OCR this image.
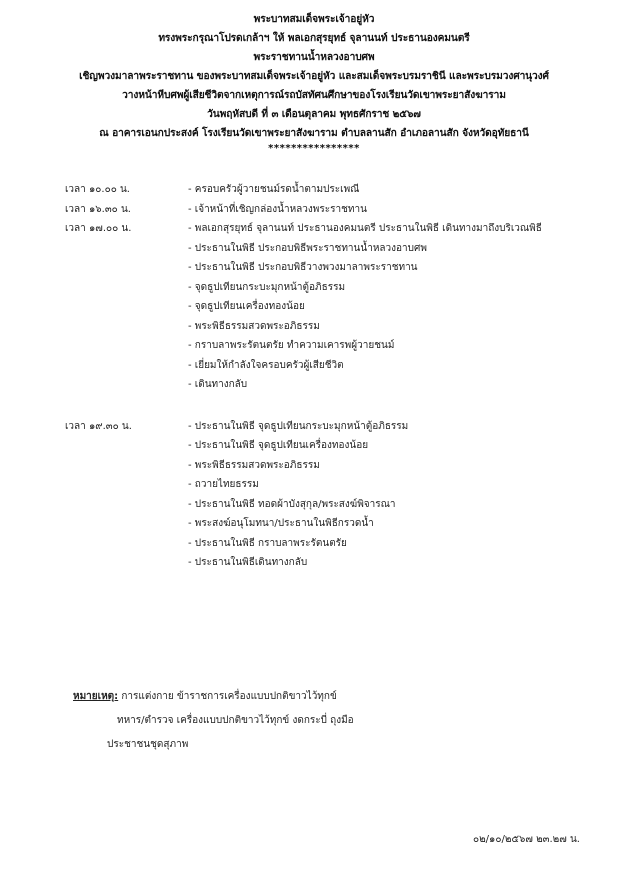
พระบาทสมเด็จพระเจ้าอยู่หัว
ทรงพระกรุณาโปรดเกล้าฯ ให้ พลเอกสุรยุทธ์ จุลานนท์ ประธานองคมนตรี
พระราชทานน้ำหลวงอาบศพ
เชิญพวงมาลาพระราชทาน ของพระบาทสมเด็จพระเจ้าอยู่หัว และสมเด็จพระบรมราชินี และพระบรมวงศานุวงศ์
วางหน้าหีบศพผู้เสียชีวิตจากเหตุการณ์รถบัสทัศนศึกษาของโรงเรียนวัดเขาพระยาสังฆาราม
วันพฤหัสบดี ที่ ๓ เดือนตุลาคม พุทธศักราช ๒๕๖๗
ณ อาคารเอนกประสงค์ โรงเรียนวัดเขาพระยาสังฆาราม ตำบลลานสัก อำเภอลานสัก จังหวัดอุทัยธานี
****************
เวลา ๑๐.๐๐ น.	- ครอบครัวผู้วายชนม์รดน้ำตามประเพณี
เวลา ๑๖.๓๐ น.	- เจ้าหน้าที่เชิญกล่องน้ำหลวงพระราชทาน
เวลา ๑๗.๐๐ น.	- พลเอกสุรยุทธ์ จุลานนท์ ประธานองคมนตรี ประธานในพิธี เดินทางมาถึงบริเวณพิธี
- ประธานในพิธี ประกอบพิธีพระราชทานน้ำหลวงอาบศพ
- ประธานในพิธี ประกอบพิธีวางพวงมาลาพระราชทาน
- จุดธูปเทียนกระบะมุกหน้าตู้อภิธรรม
- จุดธูปเทียนเครื่องทองน้อย
- พระพิธีธรรมสวดพระอภิธรรม
- กราบลาพระรัตนตรัย ทำความเคารพผู้วายชนม์
- เยี่ยมให้กำลังใจครอบครัวผู้เสียชีวิต
- เดินทางกลับ
เวลา ๑๙.๓๐ น.	- ประธานในพิธี จุดธูปเทียนกระบะมุกหน้าตู้อภิธรรม
- ประธานในพิธี จุดธูปเทียนเครื่องทองน้อย
- พระพิธีธรรมสวดพระอภิธรรม
- ถวายไทยธรรม
- ประธานในพิธี ทอดผ้าบังสุกุล/พระสงฆ์พิจารณา
- พระสงฆ์อนุโมทนา/ประธานในพิธีกรวดน้ำ
- ประธานในพิธี กราบลาพระรัตนตรัย
- ประธานในพิธีเดินทางกลับ
หมายเหตุ: การแต่งกาย ข้าราชการเครื่องแบบปกติขาวไว้ทุกข์
ทหาร/ตำรวจ เครื่องแบบปกติขาวไว้ทุกข์ งดกระบี่ ถุงมือ
ประชาชนชุดสุภาพ
๐๒/๑๐/๒๕๖๗ ๒๓.๒๗ น.
